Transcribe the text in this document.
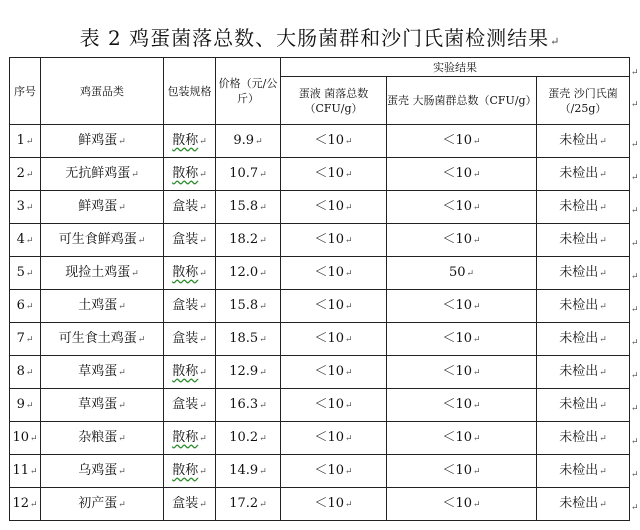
表 2 鸡蛋菌落总数、大肠菌群和沙门氏菌检测结果↵
序号	鸡蛋品类	包装规格	价格（元/公斤）	实验结果		
				蛋液 菌落总数（CFU/g）	蛋壳 大肠菌群总数（CFU/g）	蛋壳 沙门氏菌（/25g）
1↵	鲜鸡蛋↵	散称↵	9.9↵	＜10↵	＜10↵	未检出↵
2↵	无抗鲜鸡蛋↵	散称↵	10.7↵	＜10↵	＜10↵	未检出↵
3↵	鲜鸡蛋↵	盒装↵	15.8↵	＜10↵	＜10↵	未检出↵
4↵	可生食鲜鸡蛋↵	盒装↵	18.2↵	＜10↵	＜10↵	未检出↵
5↵	现捡土鸡蛋↵	散称↵	12.0↵	＜10↵	50↵	未检出↵
6↵	土鸡蛋↵	盒装↵	15.8↵	＜10↵	＜10↵	未检出↵
7↵	可生食土鸡蛋↵	盒装↵	18.5↵	＜10↵	＜10↵	未检出↵
8↵	草鸡蛋↵	散称↵	12.9↵	＜10↵	＜10↵	未检出↵
9↵	草鸡蛋↵	盒装↵	16.3↵	＜10↵	＜10↵	未检出↵
10↵	杂粮蛋↵	散称↵	10.2↵	＜10↵	＜10↵	未检出↵
11↵	乌鸡蛋↵	散称↵	14.9↵	＜10↵	＜10↵	未检出↵
12↵	初产蛋↵	盒装↵	17.2↵	＜10↵	＜10↵	未检出↵
↵
↵
↵
↵
↵
↵
↵
↵
↵
↵
↵
↵
↵
↵
